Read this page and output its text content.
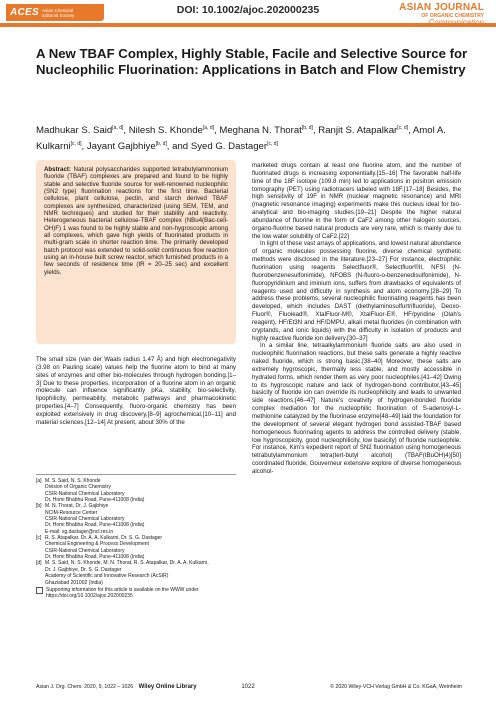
ACES Asian Chemical Editorial Society	DOI: 10.1002/ajoc.202000235	ASIAN JOURNAL
OF ORGANIC CHEMISTRY
A New TBAF Complex, Highly Stable, Facile and Selective Source for Nucleophilic Fluorination: Applications in Batch and Flow Chemistry
Madhukar S. Said[a, d], Nilesh S. Khonde[a, d], Meghana N. Thorat[b, d], Ranjit S. Atapalkar[c, d], Amol A. Kulkarni[c, d], Jayant Gajbhiye[b, d], and Syed G. Dastager[c, d]
Abstract: Natural polysaccharides supported tetrabutylammonium fluoride (TBAF) complexes are prepared and found to be highly stable and selective fluoride source for well-renowned nucleophilic (SN2 type) fluorination reactions for the first time. Bacterial cellulose, plant cellulose, pectin, and starch derived TBAF complexes are synthesized, characterized (using SEM, TEM, and NMR techniques) and studied for their stability and reactivity. Heterogeneous bacterial cellulose-TBAF complex (NBu4(Bac-cell-OH)F) 1 was found to be highly stable and non-hygroscopic among all complexes, which gave high yields of fluorinated products in multi-gram scale in shorter reaction time. The primarily developed batch protocol was extended to solid-solid continuous flow reaction using an in-house built screw reactor, which furnished products in a few seconds of residence time (tR = 20–25 sec) and excellent yields.

The small size (van der Waals radius 1.47 Å) and high electronegativity (3.98 on Pauling scale) values help the fluorine atom to bind at many sites of enzymes and other bio-molecules through hydrogen bonding.[1–3] Due to these properties, incorporation of a fluorine atom in an organic molecule can influence significantly pKa, stability, bio-selectivity, lipophilicity, permeability, metabolic pathways and pharmacokinetic properties.[4–7] Consequently, fluoro-organic chemistry has been exploited extensively in drug discovery,[8–9] agrochemical,[10–11] and material sciences.[12–14] At present, about 30% of the

[a] M. S. Said, N. S. Khonde
Division of Organic Chemistry
CSIR-National Chemical Laboratory
Dr. Homi Bhabha Road, Pune-411008 (India)
[b] M. N. Thorat, Dr. J. Gajbhiye
NCIM-Resource Center
CSIR-National Chemical Laboratory
Dr. Homi Bhabha Road, Pune-411008 (India)
E-mail: sg.dastager@ncl.res.in
[c] R. S. Atapalkar, Dr. A. A. Kulkarni, Dr. S. G. Dastager
Chemical Engineering & Process Development
CSIR-National Chemical Laboratory
Dr. Homi Bhabha Road, Pune-411008 (India)
[d] M. S. Said, N. S. Khonde, M. N. Thorat, R. S. Atapalkar, Dr. A. A. Kulkarni,
Dr. J. Gajbhiye, Dr. S. G. Dastager
Academy of Scientific and Innovative Research (AcSIR)
Ghaziabad 201002 (India)
Supporting information for this article is available on the WWW under https://doi.org/10.1002/ajoc.202000235

marketed drugs contain at least one fluorine atom, and the number of fluorinated drugs is increasing exponentially.[15–16] The favorable half-life time of the 18F isotope (109.8 min) led to applications in positron emission tomography (PET) using radiotracers labeled with 18F.[17–18] Besides, the high sensitivity of 19F in NMR (nuclear magnetic resonance) and MRI (magnetic resonance imaging) experiments make this nucleus ideal for bio-analytical and bio-imaging studies.[19–21] Despite the higher natural abundance of fluorine in the form of CaF2 among other halogen sources, organo-fluorine based natural products are very rare, which is mainly due to the low water solubility of CaF2.[22]

In light of these vast arrays of applications, and lowest natural abundance of organic molecules possessing fluorine, diverse chemical synthetic methods were disclosed in the literature.[23–27] For instance, electrophilic fluorination using reagents Selectfluor®, Selectfluor®II, NFSI (N-fluorobenzenesulfonimide), NFOBS (N-fluoro-o-benzenedisulfonimide), N-fluoropyridinium and iminium ions, suffers from drawbacks of equivalents of reagents used and difficulty in synthesis and atom economy.[28–29] To address these problems, several nucleophilic fluorinating reagents has been developed, which includes DAST (diethylaminosulfurtrifluoride), Deoxo-Fluor®, Fluolead®, XtalFluor-M®, XtalFluor-E®, HF/pyridine (Olah's reagent), HF/Et3N and HF/DMPU, alkali metal fluorides (in combination with cryptands, and ionic liquids) with the difficulty in isolation of products and highly reactive fluoride ion delivery.[30–37]

In a similar line, tetraalkylammonium fluoride salts are also used in nucleophilic fluorination reactions, but these salts generate a highly reactive naked fluoride, which is strong basic.[38–40] Moreover, these salts are extremely hygroscopic, thermally less stable, and mostly accessible in hydrated forms, which render them as very poor nucleophiles.[41–42] Owing to its hygroscopic nature and lack of hydrogen-bond contributor,[43–45] basicity of fluoride ion can override its nucleophilicity and leads to unwanted side reactions.[46–47] Nature's creativity of hydrogen-bonded fluoride complex mediation for the nucleophilic fluorination of S-adenosyl-L-methionine catalyzed by the fluorinase enzyme[48–49] laid the foundation for the development of several elegant hydrogen bond assisted-TBAF based homogeneous fluorinating agents to address the controlled delivery (stable, low hygroscopicity, good nucleophilicity, low basicity) of fluoride nucleophile. For instance, Kim's expedient report of SN2 fluorination using homogeneous tetrabutylammonium tetra(tert-butyl alcohol) (TBAF(tBuOH)4)[50] coordinated fluoride, Gouverneur extensive explore of diverse homogeneous alcohol-

Asian J. Org. Chem. 2020, 9, 1022 – 1026 Wiley Online Library	1022	© 2020 Wiley-VCH Verlag GmbH & Co. KGaA, Weinheim
